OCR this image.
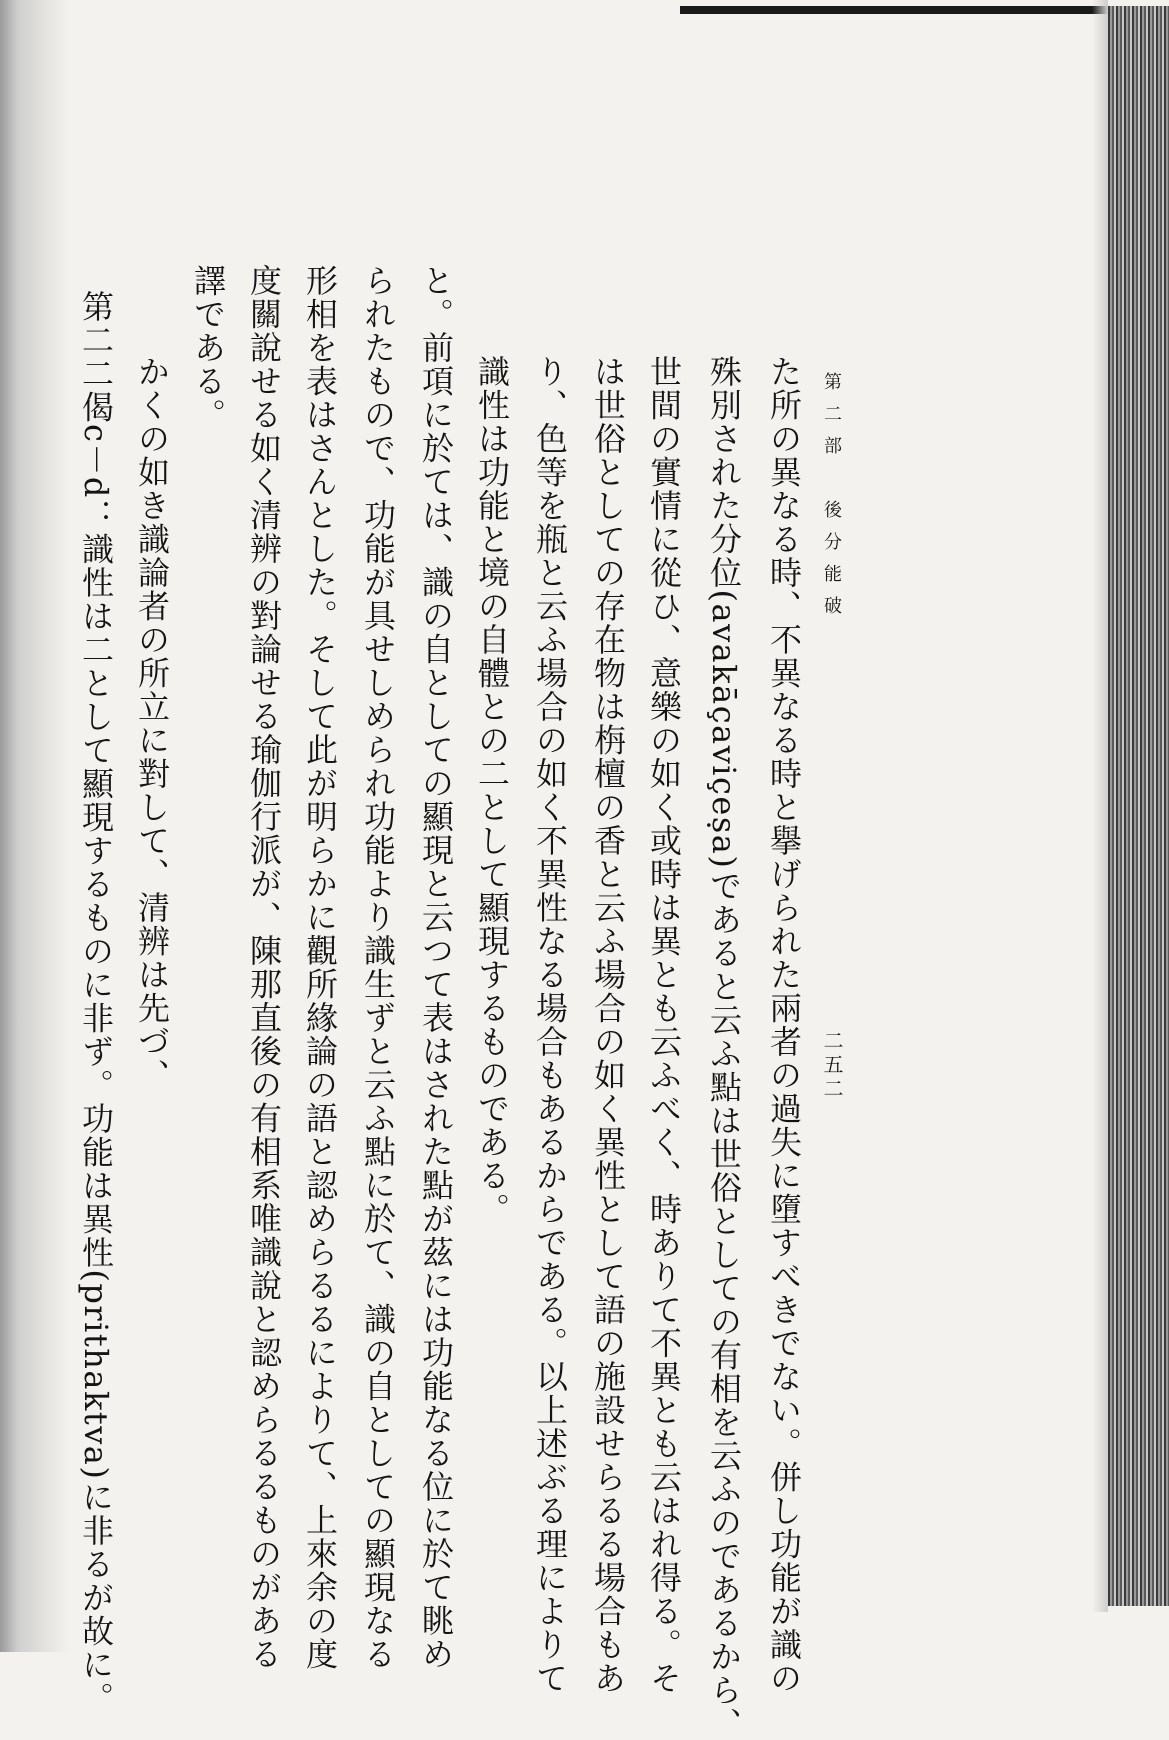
第二部　後分能破
二五二
た所の異なる時、不異なる時と擧げられた兩者の過失に墮すべきでない。併し功能が識の
殊別された分位(avakāçaviçeṣa)であると云ふ點は世俗としての有相を云ふのであるから、
世間の實情に從ひ、意樂の如く或時は異とも云ふべく、時ありて不異とも云はれ得る。そ
は世俗としての存在物は栴檀の香と云ふ場合の如く異性として語の施設せらるる場合もあ
り、色等を瓶と云ふ場合の如く不異性なる場合もあるからである。以上述ぶる理によりて
識性は功能と境の自體との二として顯現するものである。
と。前項に於ては、識の自としての顯現と云つて表はされた點が茲には功能なる位に於て眺め
られたもので、功能が具せしめられ功能より識生ずと云ふ點に於て、識の自としての顯現なる
形相を表はさんとした。そして此が明らかに觀所緣論の語と認めらるるによりて、上來余の度
度關說せる如く清辨の對論せる瑜伽行派が、陳那直後の有相系唯識說と認めらるるものがある
譯である。
かくの如き識論者の所立に對して、清辨は先づ、
第二二偈c－d：識性は二として顯現するものに非ず。功能は異性(prithaktva)に非るが故に。
